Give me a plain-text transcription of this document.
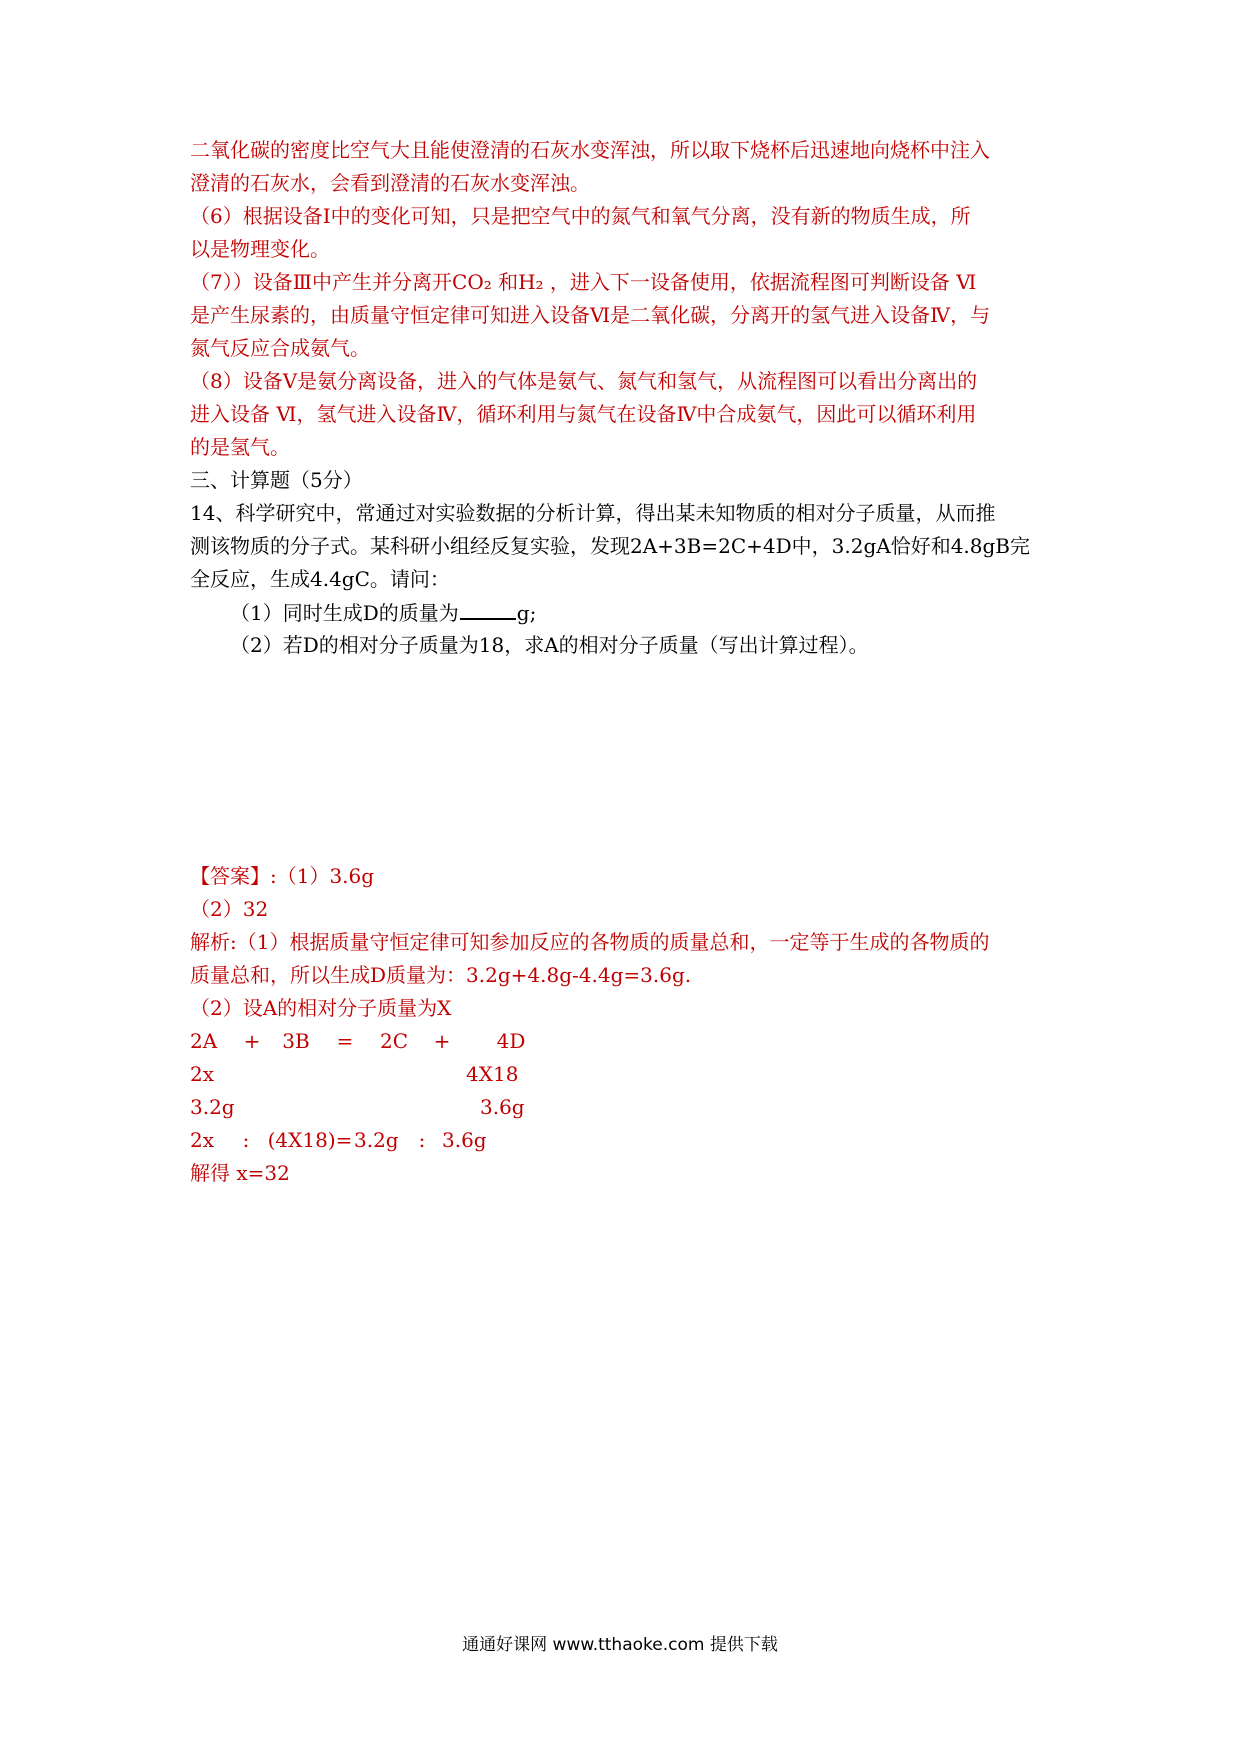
二氧化碳的密度比空气大且能使澄清的石灰水变浑浊，所以取下烧杯后迅速地向烧杯中注入
澄清的石灰水，会看到澄清的石灰水变浑浊。
（6）根据设备Ⅰ中的变化可知，只是把空气中的氮气和氧气分离，没有新的物质生成，所
以是物理变化。
（7））设备Ⅲ中产生并分离开CO₂ 和H₂ ，进入下一设备使用，依据流程图可判断设备 Ⅵ
是产生尿素的，由质量守恒定律可知进入设备Ⅵ是二氧化碳，分离开的氢气进入设备Ⅳ，与
氮气反应合成氨气。
（8）设备Ⅴ是氨分离设备，进入的气体是氨气、氮气和氢气，从流程图可以看出分离出的
进入设备 Ⅵ，氢气进入设备Ⅳ，循环利用与氮气在设备Ⅳ中合成氨气，因此可以循环利用
的是氢气。
三、计算题（5分）
14、科学研究中，常通过对实验数据的分析计算，得出某未知物质的相对分子质量，从而推
测该物质的分子式。某科研小组经反复实验，发现2A+3B=2C+4D中，3.2gA恰好和4.8gB完
全反应，生成4.4gC。请问：
（1）同时生成D的质量为	g;
（2）若D的相对分子质量为18，求A的相对分子质量（写出计算过程）。
【答案】:（1）3.6g
（2）32
解析:（1）根据质量守恒定律可知参加反应的各物质的质量总和，一定等于生成的各物质的
质量总和，所以生成D质量为：3.2g+4.8g-4.4g=3.6g.
（2）设A的相对分子质量为X
2A + 3B = 2C + 4D
2x	4X18
3.2g	3.6g
2x : (4X18)=3.2g : 3.6g
解得 x=32
通通好课网 www.tthaoke.com 提供下载
